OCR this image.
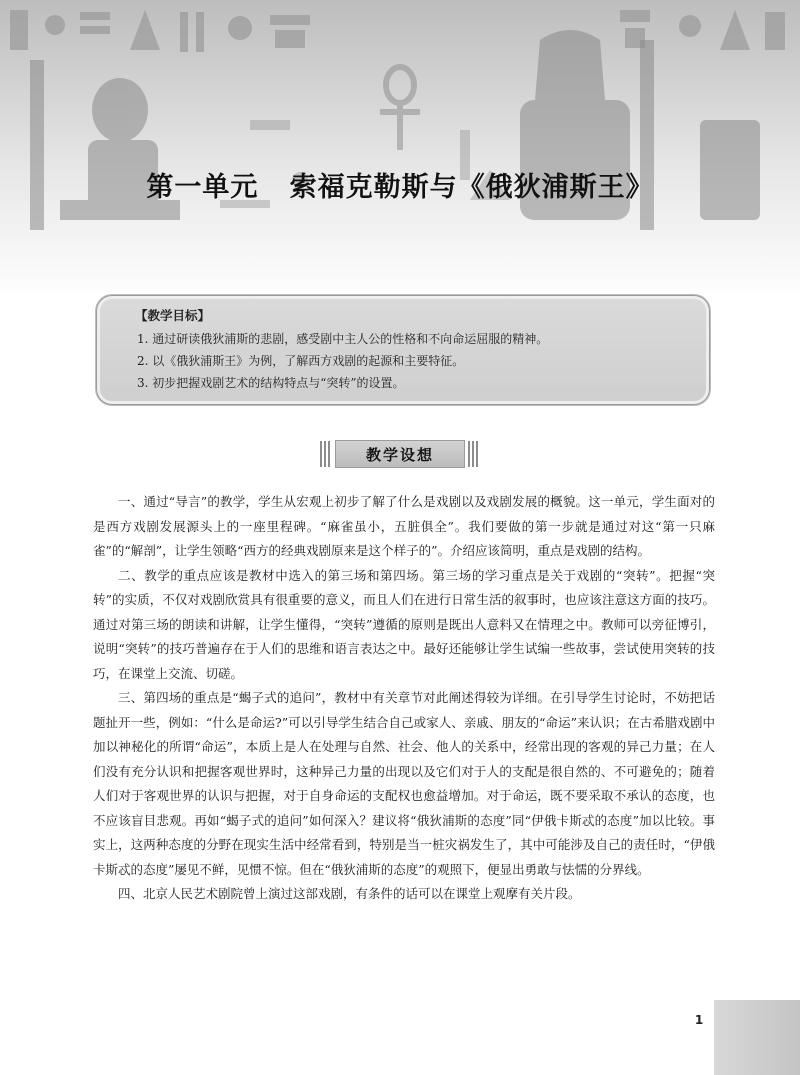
第一单元   索福克勒斯与《俄狄浦斯王》
【教学目标】
1. 通过研读俄狄浦斯的悲剧，感受剧中主人公的性格和不向命运屈服的精神。
2. 以《俄狄浦斯王》为例，了解西方戏剧的起源和主要特征。
3. 初步把握戏剧艺术的结构特点与“突转”的设置。
教学设想

一、通过“导言”的教学，学生从宏观上初步了解了什么是戏剧以及戏剧发展的概貌。这一单元，学生面对的是西方戏剧发展源头上的一座里程碑。“麻雀虽小，五脏俱全”。我们要做的第一步就是通过对这“第一只麻雀”的“解剖”，让学生领略“西方的经典戏剧原来是这个样子的”。介绍应该简明，重点是戏剧的结构。

二、教学的重点应该是教材中选入的第三场和第四场。第三场的学习重点是关于戏剧的“突转”。把握“突转”的实质，不仅对戏剧欣赏具有很重要的意义，而且人们在进行日常生活的叙事时，也应该注意这方面的技巧。通过对第三场的朗读和讲解，让学生懂得，“突转”遵循的原则是既出人意料又在情理之中。教师可以旁征博引，说明“突转”的技巧普遍存在于人们的思维和语言表达之中。最好还能够让学生试编一些故事，尝试使用突转的技巧，在课堂上交流、切磋。

三、第四场的重点是“蝎子式的追问”，教材中有关章节对此阐述得较为详细。在引导学生讨论时，不妨把话题扯开一些，例如：“什么是命运?”可以引导学生结合自己或家人、亲戚、朋友的“命运”来认识；在古希腊戏剧中加以神秘化的所谓“命运”，本质上是人在处理与自然、社会、他人的关系中，经常出现的客观的异己力量；在人们没有充分认识和把握客观世界时，这种异己力量的出现以及它们对于人的支配是很自然的、不可避免的；随着人们对于客观世界的认识与把握，对于自身命运的支配权也愈益增加。对于命运，既不要采取不承认的态度，也不应该盲目悲观。再如“蝎子式的追问”如何深入？建议将“俄狄浦斯的态度”同“伊俄卡斯忒的态度”加以比较。事实上，这两种态度的分野在现实生活中经常看到，特别是当一桩灾祸发生了，其中可能涉及自己的责任时，“伊俄卡斯忒的态度”屡见不鲜，见惯不惊。但在“俄狄浦斯的态度”的观照下，便显出勇敢与怯懦的分界线。

四、北京人民艺术剧院曾上演过这部戏剧，有条件的话可以在课堂上观摩有关片段。

1
